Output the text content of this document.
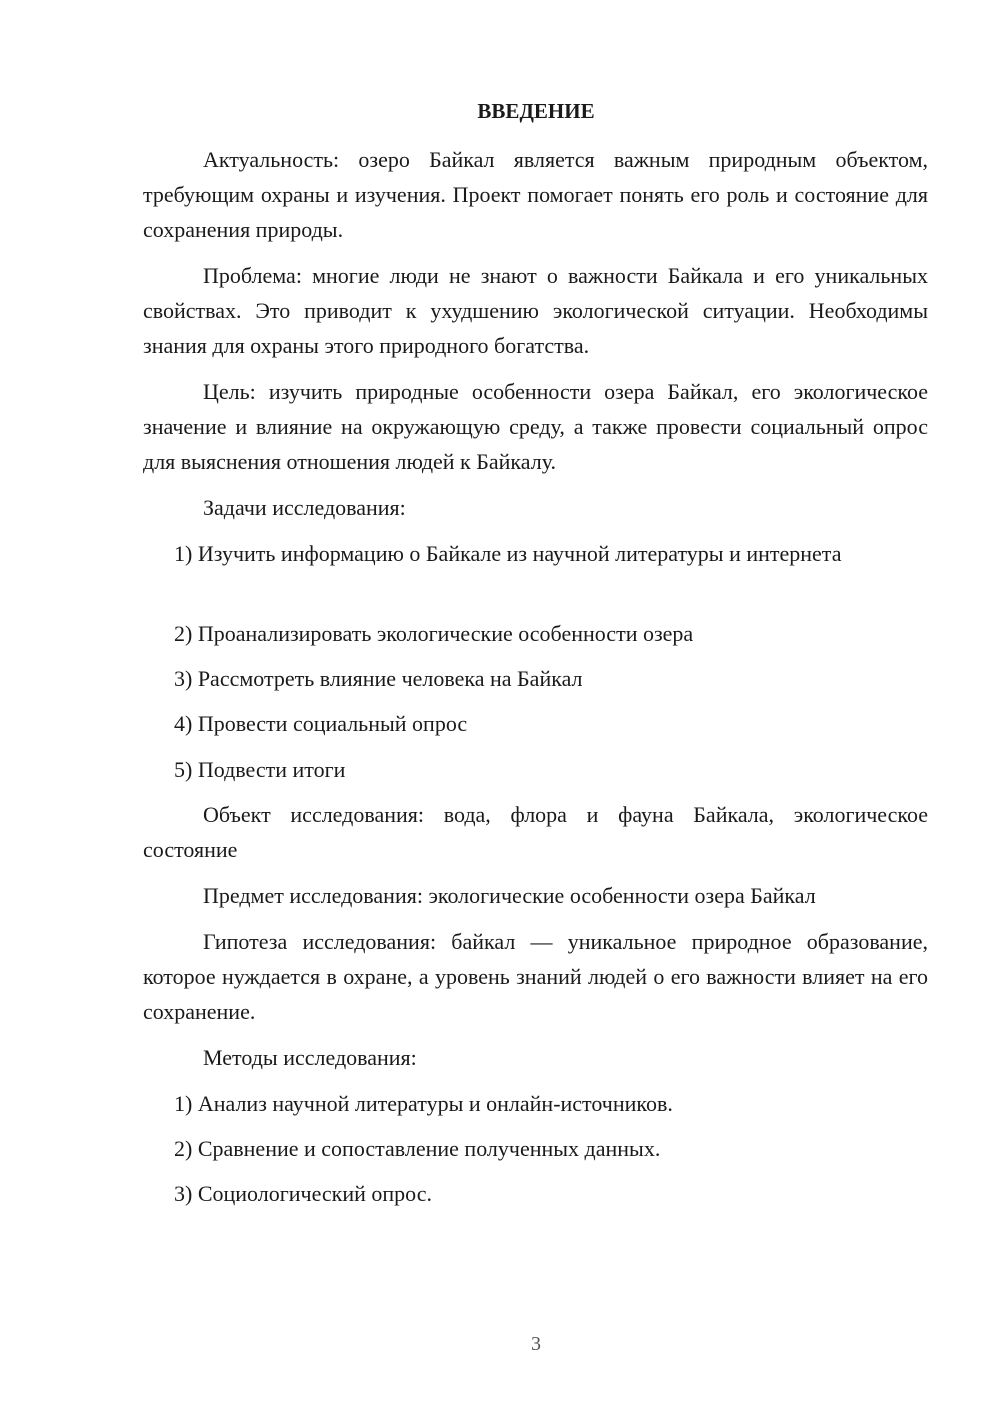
ВВЕДЕНИЕ

Актуальность: озеро Байкал является важным природным объектом, требующим охраны и изучения. Проект помогает понять его роль и состояние для сохранения природы.

Проблема: многие люди не знают о важности Байкала и его уникальных свойствах. Это приводит к ухудшению экологической ситуации. Необходимы знания для охраны этого природного богатства.

Цель: изучить природные особенности озера Байкал, его экологическое значение и влияние на окружающую среду, а также провести социальный опрос для выяснения отношения людей к Байкалу.

Задачи исследования:

1) Изучить информацию о Байкале из научной литературы и интернета

2) Проанализировать экологические особенности озера

3) Рассмотреть влияние человека на Байкал

4) Провести социальный опрос

5) Подвести итоги

Объект исследования: вода, флора и фауна Байкала, экологическое состояние

Предмет исследования: экологические особенности озера Байкал

Гипотеза исследования: байкал — уникальное природное образование, которое нуждается в охране, а уровень знаний людей о его важности влияет на его сохранение.

Методы исследования:

1) Анализ научной литературы и онлайн-источников.

2) Сравнение и сопоставление полученных данных.

3) Социологический опрос.

3
